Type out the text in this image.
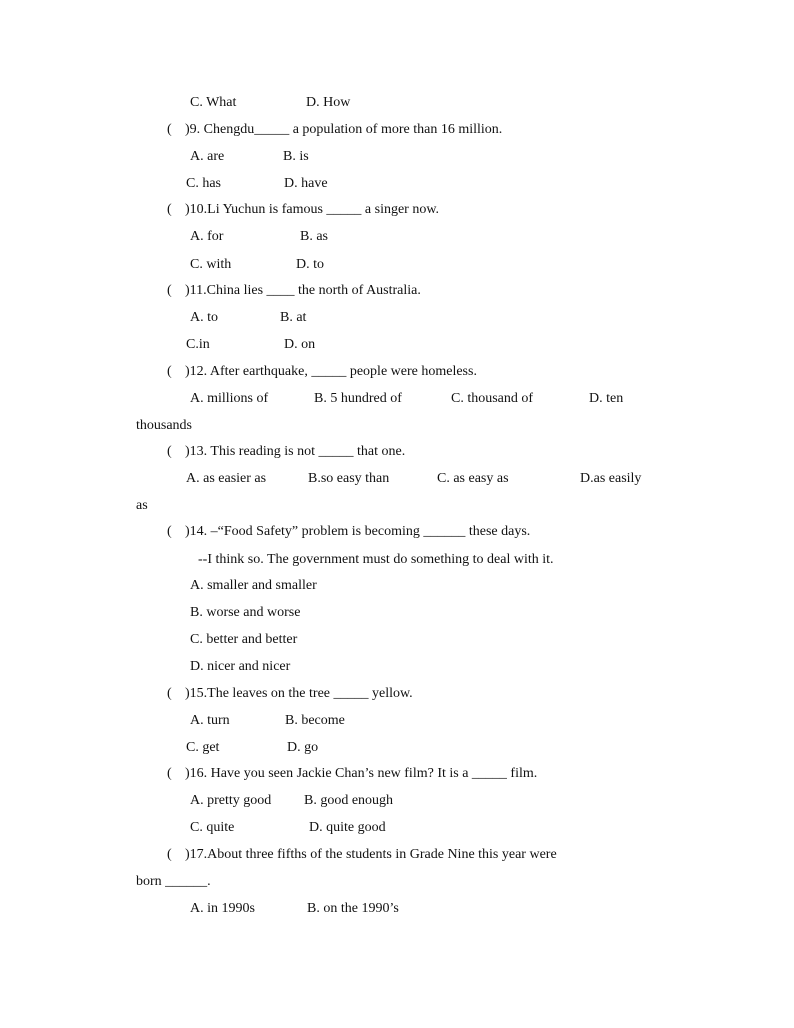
C. What	D. How
( )9. Chengdu_____ a population of more than 16 million.
A. are	B. is
C. has	D. have
( )10.Li Yuchun is famous _____ a singer now.
A. for	B. as
C. with	D. to
( )11.China lies ____ the north of Australia.
A. to	B. at
C.in	D. on
( )12. After earthquake, _____ people were homeless.
A. millions of	B. 5 hundred of	C. thousand of	D. ten
thousands
( )13. This reading is not _____ that one.
A. as easier as	B.so easy than	C. as easy as	D.as easily
as
( )14. –“Food Safety” problem is becoming ______ these days.
--I think so. The government must do something to deal with it.
A. smaller and smaller
B. worse and worse
C. better and better
D. nicer and nicer
( )15.The leaves on the tree _____ yellow.
A. turn	B. become
C. get	D. go
( )16. Have you seen Jackie Chan’s new film? It is a _____ film.
A. pretty good B. good enough
C. quite	D. quite good
( )17.About three fifths of the students in Grade Nine this year were
born ______.
A. in 1990s	B. on the 1990’s
